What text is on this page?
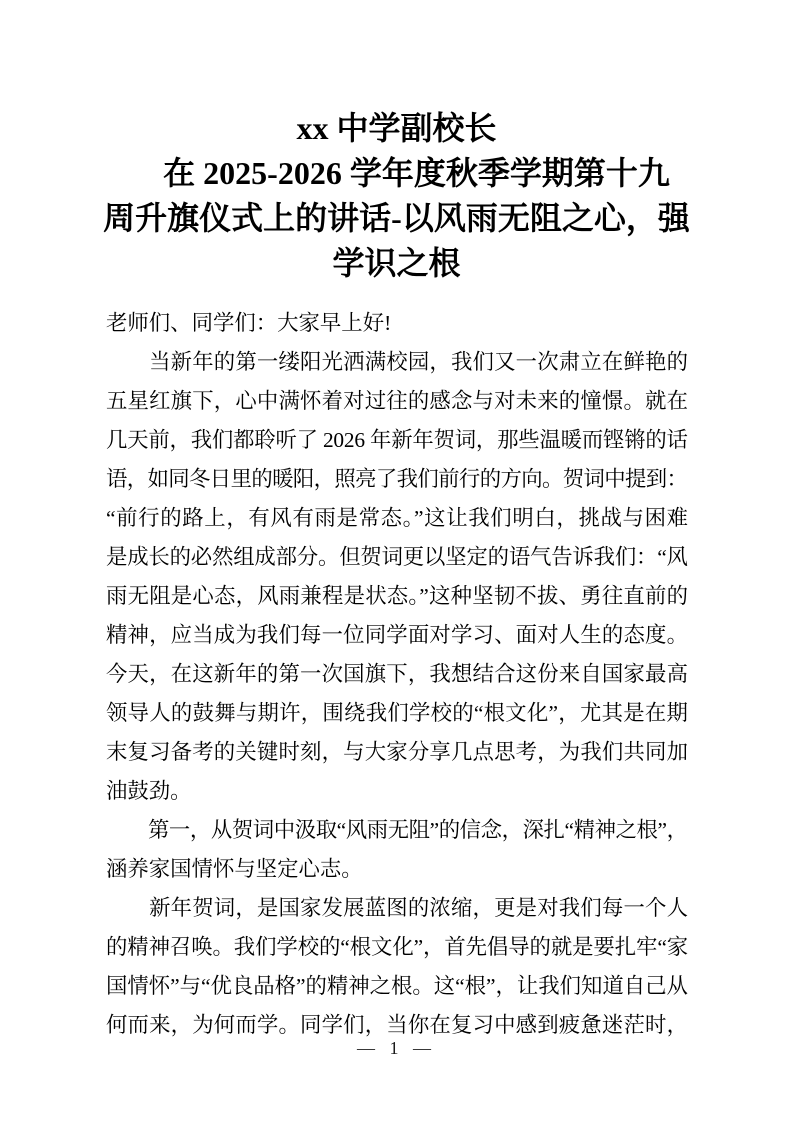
xx 中学副校长
在 2025-2026 学年度秋季学期第十九
周升旗仪式上的讲话-以风雨无阻之心，强
学识之根
老师们、同学们：大家早上好!
　　当新年的第一缕阳光洒满校园，我们又一次肃立在鲜艳的
五星红旗下，心中满怀着对过往的感念与对未来的憧憬。就在
几天前，我们都聆听了 2026 年新年贺词，那些温暖而铿锵的话
语，如同冬日里的暖阳，照亮了我们前行的方向。贺词中提到：
“前行的路上，有风有雨是常态。”这让我们明白，挑战与困难
是成长的必然组成部分。但贺词更以坚定的语气告诉我们：“风
雨无阻是心态，风雨兼程是状态。”这种坚韧不拔、勇往直前的
精神，应当成为我们每一位同学面对学习、面对人生的态度。
今天，在这新年的第一次国旗下，我想结合这份来自国家最高
领导人的鼓舞与期许，围绕我们学校的“根文化”，尤其是在期
末复习备考的关键时刻，与大家分享几点思考，为我们共同加
油鼓劲。
　　第一，从贺词中汲取“风雨无阻”的信念，深扎“精神之根”，
涵养家国情怀与坚定心志。
　　新年贺词，是国家发展蓝图的浓缩，更是对我们每一个人
的精神召唤。我们学校的“根文化”，首先倡导的就是要扎牢“家
国情怀”与“优良品格”的精神之根。这“根”，让我们知道自己从
何而来，为何而学。同学们，当你在复习中感到疲惫迷茫时，
— 1 —
